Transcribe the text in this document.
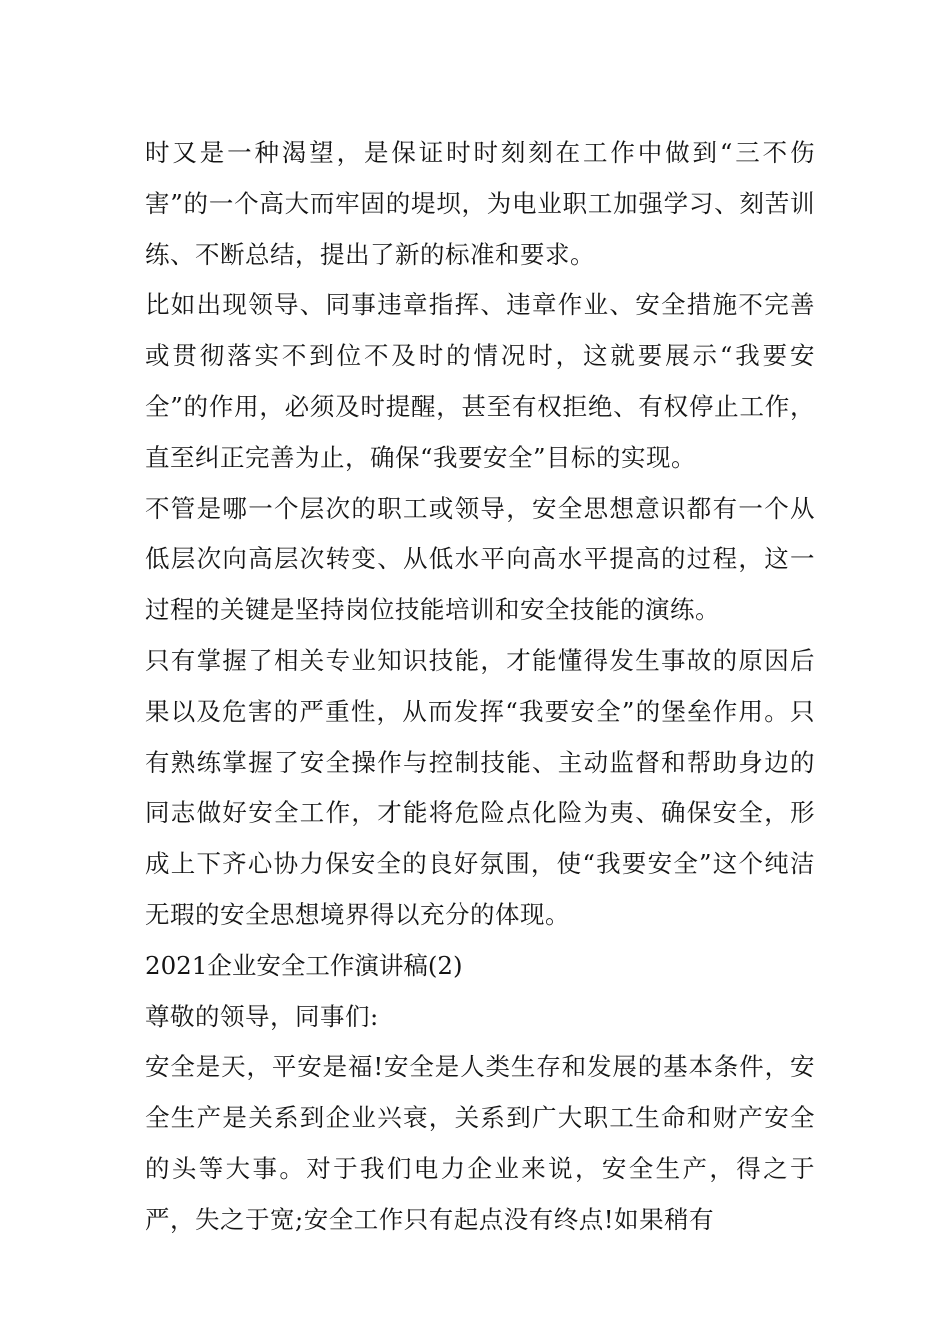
时又是一种渴望，是保证时时刻刻在工作中做到“三不伤害”的一个高大而牢固的堤坝，为电业职工加强学习、刻苦训练、不断总结，提出了新的标准和要求。

比如出现领导、同事违章指挥、违章作业、安全措施不完善或贯彻落实不到位不及时的情况时，这就要展示“我要安全”的作用，必须及时提醒，甚至有权拒绝、有权停止工作，直至纠正完善为止，确保“我要安全”目标的实现。

不管是哪一个层次的职工或领导，安全思想意识都有一个从低层次向高层次转变、从低水平向高水平提高的过程，这一过程的关键是坚持岗位技能培训和安全技能的演练。

只有掌握了相关专业知识技能，才能懂得发生事故的原因后果以及危害的严重性，从而发挥“我要安全”的堡垒作用。只有熟练掌握了安全操作与控制技能、主动监督和帮助身边的同志做好安全工作，才能将危险点化险为夷、确保安全，形成上下齐心协力保安全的良好氛围，使“我要安全”这个纯洁无瑕的安全思想境界得以充分的体现。

2021企业安全工作演讲稿(2)

尊敬的领导，同事们:

安全是天，平安是福!安全是人类生存和发展的基本条件，安全生产是关系到企业兴衰，关系到广大职工生命和财产安全的头等大事。对于我们电力企业来说，安全生产，得之于严，失之于宽;安全工作只有起点没有终点!如果稍有
